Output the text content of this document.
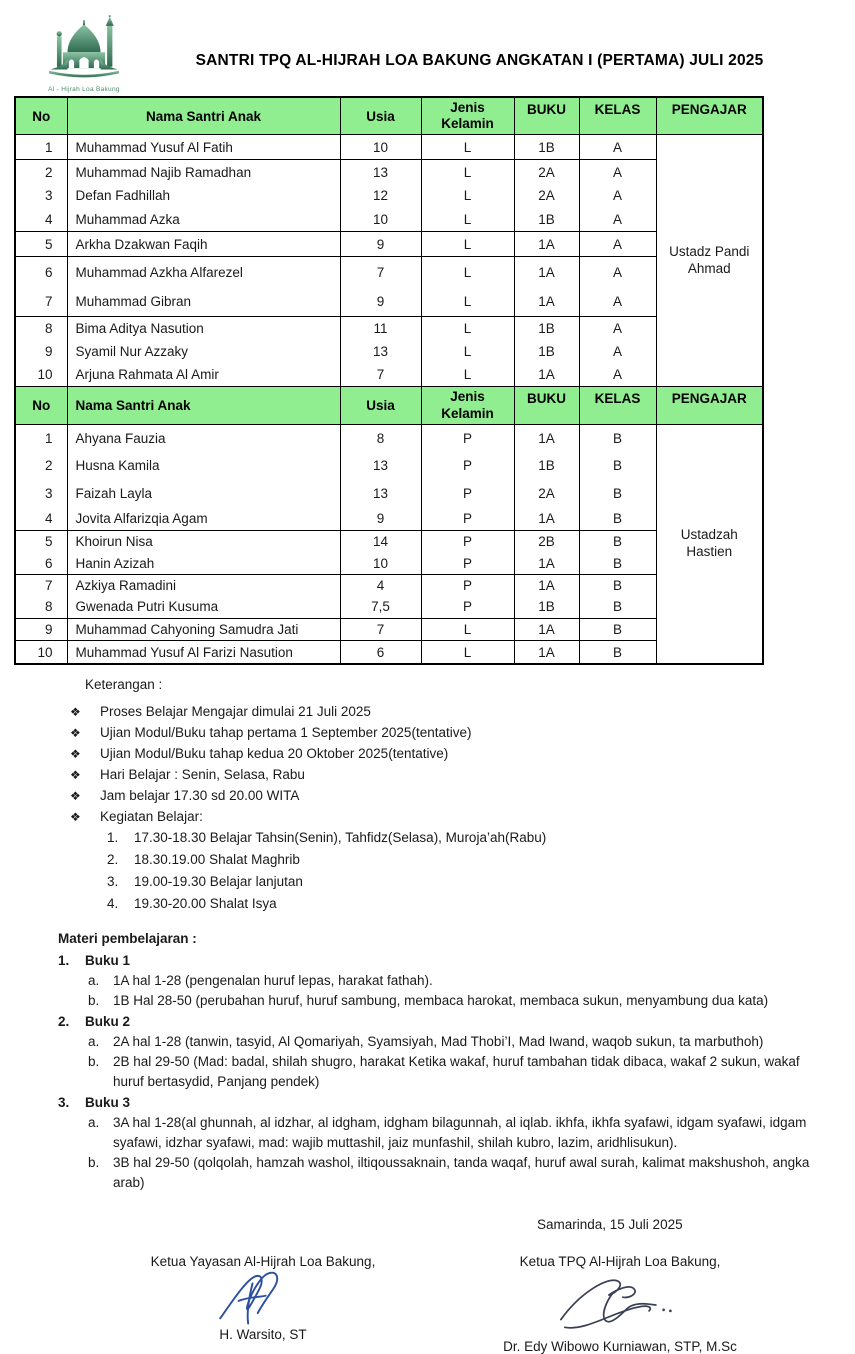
Al - Hijrah Loa Bakung
SANTRI TPQ AL-HIJRAH LOA BAKUNG ANGKATAN I (PERTAMA) JULI 2025
No	Nama Santri Anak	Usia	Jenis Kelamin	BUKU	KELAS	PENGAJAR
1	Muhammad Yusuf Al Fatih	10	L	1B	A	Ustadz Pandi Ahmad
2	Muhammad Najib Ramadhan	13	L	2A	A	
3	Defan Fadhillah	12	L	2A	A	
4	Muhammad Azka	10	L	1B	A	
5	Arkha Dzakwan Faqih	9	L	1A	A	
6	Muhammad Azkha Alfarezel	7	L	1A	A	
7	Muhammad Gibran	9	L	1A	A	
8	Bima Aditya Nasution	11	L	1B	A	
9	Syamil Nur Azzaky	13	L	1B	A	
10	Arjuna Rahmata Al Amir	7	L	1A	A	
No	Nama Santri Anak	Usia	Jenis Kelamin	BUKU	KELAS	PENGAJAR
1	Ahyana Fauzia	8	P	1A	B	Ustadzah Hastien
2	Husna Kamila	13	P	1B	B	
3	Faizah Layla	13	P	2A	B	
4	Jovita Alfarizqia Agam	9	P	1A	B	
5	Khoirun Nisa	14	P	2B	B	
6	Hanin Azizah	10	P	1A	B	
7	Azkiya Ramadini	4	P	1A	B	
8	Gwenada Putri Kusuma	7,5	P	1B	B	
9	Muhammad Cahyoning Samudra Jati	7	L	1A	B	
10	Muhammad Yusuf Al Farizi Nasution	6	L	1A	B	
Keterangan :
❖	Proses Belajar Mengajar dimulai 21 Juli 2025
❖	Ujian Modul/Buku tahap pertama 1 September 2025(tentative)
❖	Ujian Modul/Buku tahap kedua 20 Oktober 2025(tentative)
❖	Hari Belajar : Senin, Selasa, Rabu
❖	Jam belajar 17.30 sd 20.00 WITA
❖	Kegiatan Belajar:
1.	17.30-18.30 Belajar Tahsin(Senin), Tahfidz(Selasa), Muroja’ah(Rabu)
2.	18.30.19.00 Shalat Maghrib
3.	19.00-19.30 Belajar lanjutan
4.	19.30-20.00 Shalat Isya
Materi pembelajaran :
1.	Buku 1
a.	1A hal 1-28 (pengenalan huruf lepas, harakat fathah).
b.	1B Hal 28-50 (perubahan huruf, huruf sambung, membaca harokat, membaca sukun, menyambung dua kata)
2.	Buku 2
a.	2A hal 1-28 (tanwin, tasyid, Al Qomariyah, Syamsiyah, Mad Thobi’I, Mad Iwand, waqob sukun, ta marbuthoh)
b.	2B hal 29-50 (Mad: badal, shilah shugro, harakat Ketika wakaf, huruf tambahan tidak dibaca, wakaf 2 sukun, wakaf huruf bertasydid, Panjang pendek)
3.	Buku 3
a.	3A hal 1-28(al ghunnah, al idzhar, al idgham, idgham bilagunnah, al iqlab. ikhfa, ikhfa syafawi, idgam syafawi, idgam syafawi, idzhar syafawi, mad: wajib muttashil, jaiz munfashil, shilah kubro, lazim, aridhlisukun).
b.	3B hal 29-50 (qolqolah, hamzah washol, iltiqoussaknain, tanda waqaf, huruf awal surah, kalimat makshushoh, angka arab)
Samarinda, 15 Juli 2025
Ketua Yayasan Al-Hijrah Loa Bakung,
H. Warsito, ST
Ketua TPQ Al-Hijrah Loa Bakung,
Dr. Edy Wibowo Kurniawan, STP, M.Sc
